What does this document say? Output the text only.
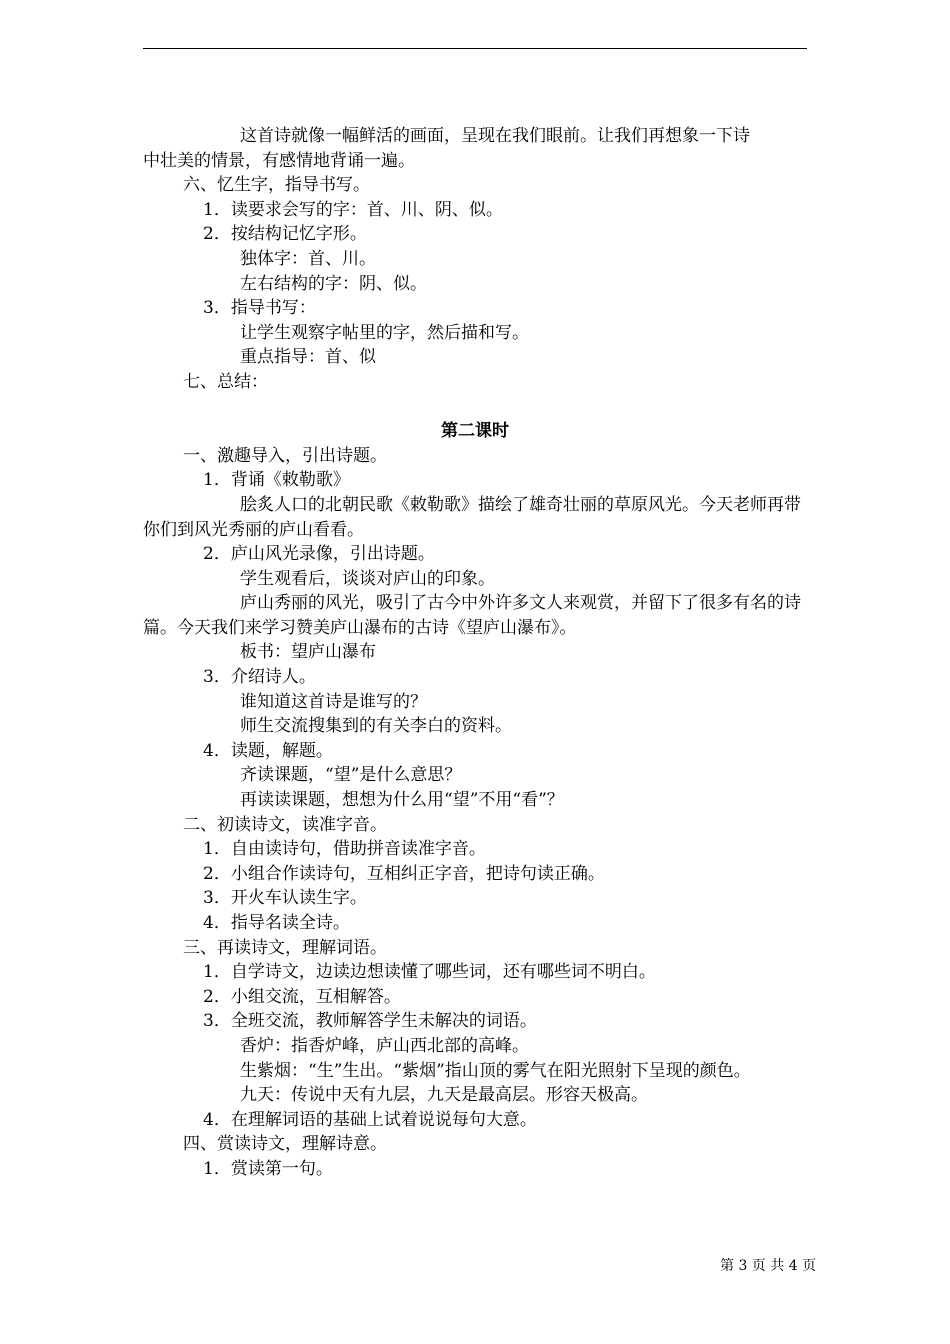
这首诗就像一幅鲜活的画面，呈现在我们眼前。让我们再想象一下诗

中壮美的情景，有感情地背诵一遍。

六、忆生字，指导书写。

1．读要求会写的字：首、川、阴、似。

2．按结构记忆字形。

独体字：首、川。

左右结构的字：阴、似。

3．指导书写：

让学生观察字帖里的字，然后描和写。

重点指导：首、似

七、总结：

第二课时

一、激趣导入，引出诗题。

1．背诵《敕勒歌》

脍炙人口的北朝民歌《敕勒歌》描绘了雄奇壮丽的草原风光。今天老师再带你们到风光秀丽的庐山看看。

2．庐山风光录像，引出诗题。

学生观看后，谈谈对庐山的印象。

庐山秀丽的风光，吸引了古今中外许多文人来观赏，并留下了很多有名的诗篇。今天我们来学习赞美庐山瀑布的古诗《望庐山瀑布》。

板书：望庐山瀑布

3．介绍诗人。

谁知道这首诗是谁写的？

师生交流搜集到的有关李白的资料。

4．读题，解题。

齐读课题，“望”是什么意思？

再读读课题，想想为什么用“望”不用“看”？

二、初读诗文，读准字音。

1．自由读诗句，借助拼音读准字音。

2．小组合作读诗句，互相纠正字音，把诗句读正确。

3．开火车认读生字。

4．指导名读全诗。

三、再读诗文，理解词语。

1．自学诗文，边读边想读懂了哪些词，还有哪些词不明白。

2．小组交流，互相解答。

3．全班交流，教师解答学生未解决的词语。

香炉：指香炉峰，庐山西北部的高峰。

生紫烟：“生”生出。“紫烟”指山顶的雾气在阳光照射下呈现的颜色。

九天：传说中天有九层，九天是最高层。形容天极高。

4．在理解词语的基础上试着说说每句大意。

四、赏读诗文，理解诗意。

1．赏读第一句。

第 3 页 共 4 页
